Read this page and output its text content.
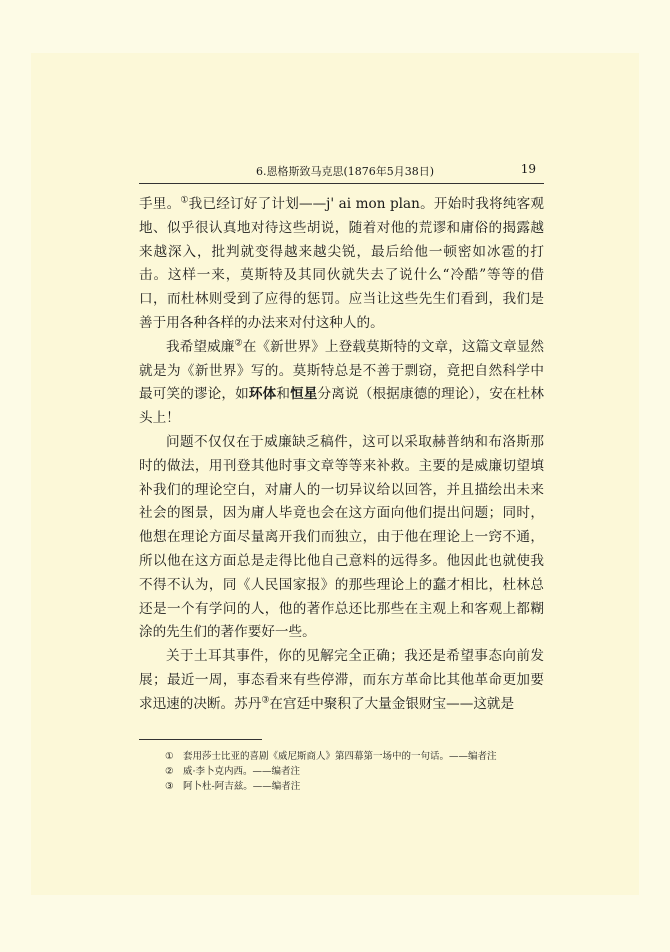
6.恩格斯致马克思(1876年5月38日)	19

手里。①我已经订好了计划——j' ai mon plan。开始时我将纯客观地、似乎很认真地对待这些胡说，随着对他的荒谬和庸俗的揭露越来越深入，批判就变得越来越尖锐，最后给他一顿密如冰雹的打击。这样一来，莫斯特及其同伙就失去了说什么“冷酷”等等的借口，而杜林则受到了应得的惩罚。应当让这些先生们看到，我们是善于用各种各样的办法来对付这种人的。

我希望威廉②在《新世界》上登载莫斯特的文章，这篇文章显然就是为《新世界》写的。莫斯特总是不善于剽窃，竟把自然科学中最可笑的谬论，如环体和恒星分离说（根据康德的理论），安在杜林头上！

问题不仅仅在于威廉缺乏稿件，这可以采取赫普纳和布洛斯那时的做法，用刊登其他时事文章等等来补救。主要的是威廉切望填补我们的理论空白，对庸人的一切异议给以回答，并且描绘出未来社会的图景，因为庸人毕竟也会在这方面向他们提出问题；同时，他想在理论方面尽量离开我们而独立，由于他在理论上一窍不通，所以他在这方面总是走得比他自己意料的远得多。他因此也就使我不得不认为，同《人民国家报》的那些理论上的蠢才相比，杜林总还是一个有学问的人，他的著作总还比那些在主观上和客观上都糊涂的先生们的著作要好一些。

关于土耳其事件，你的见解完全正确；我还是希望事态向前发展；最近一周，事态看来有些停滞，而东方革命比其他革命更加要求迅速的决断。苏丹③在宫廷中聚积了大量金银财宝——这就是

① 套用莎士比亚的喜剧《威尼斯商人》第四幕第一场中的一句话。——编者注
② 威·李卜克内西。——编者注
③ 阿卜杜-阿吉兹。——编者注
